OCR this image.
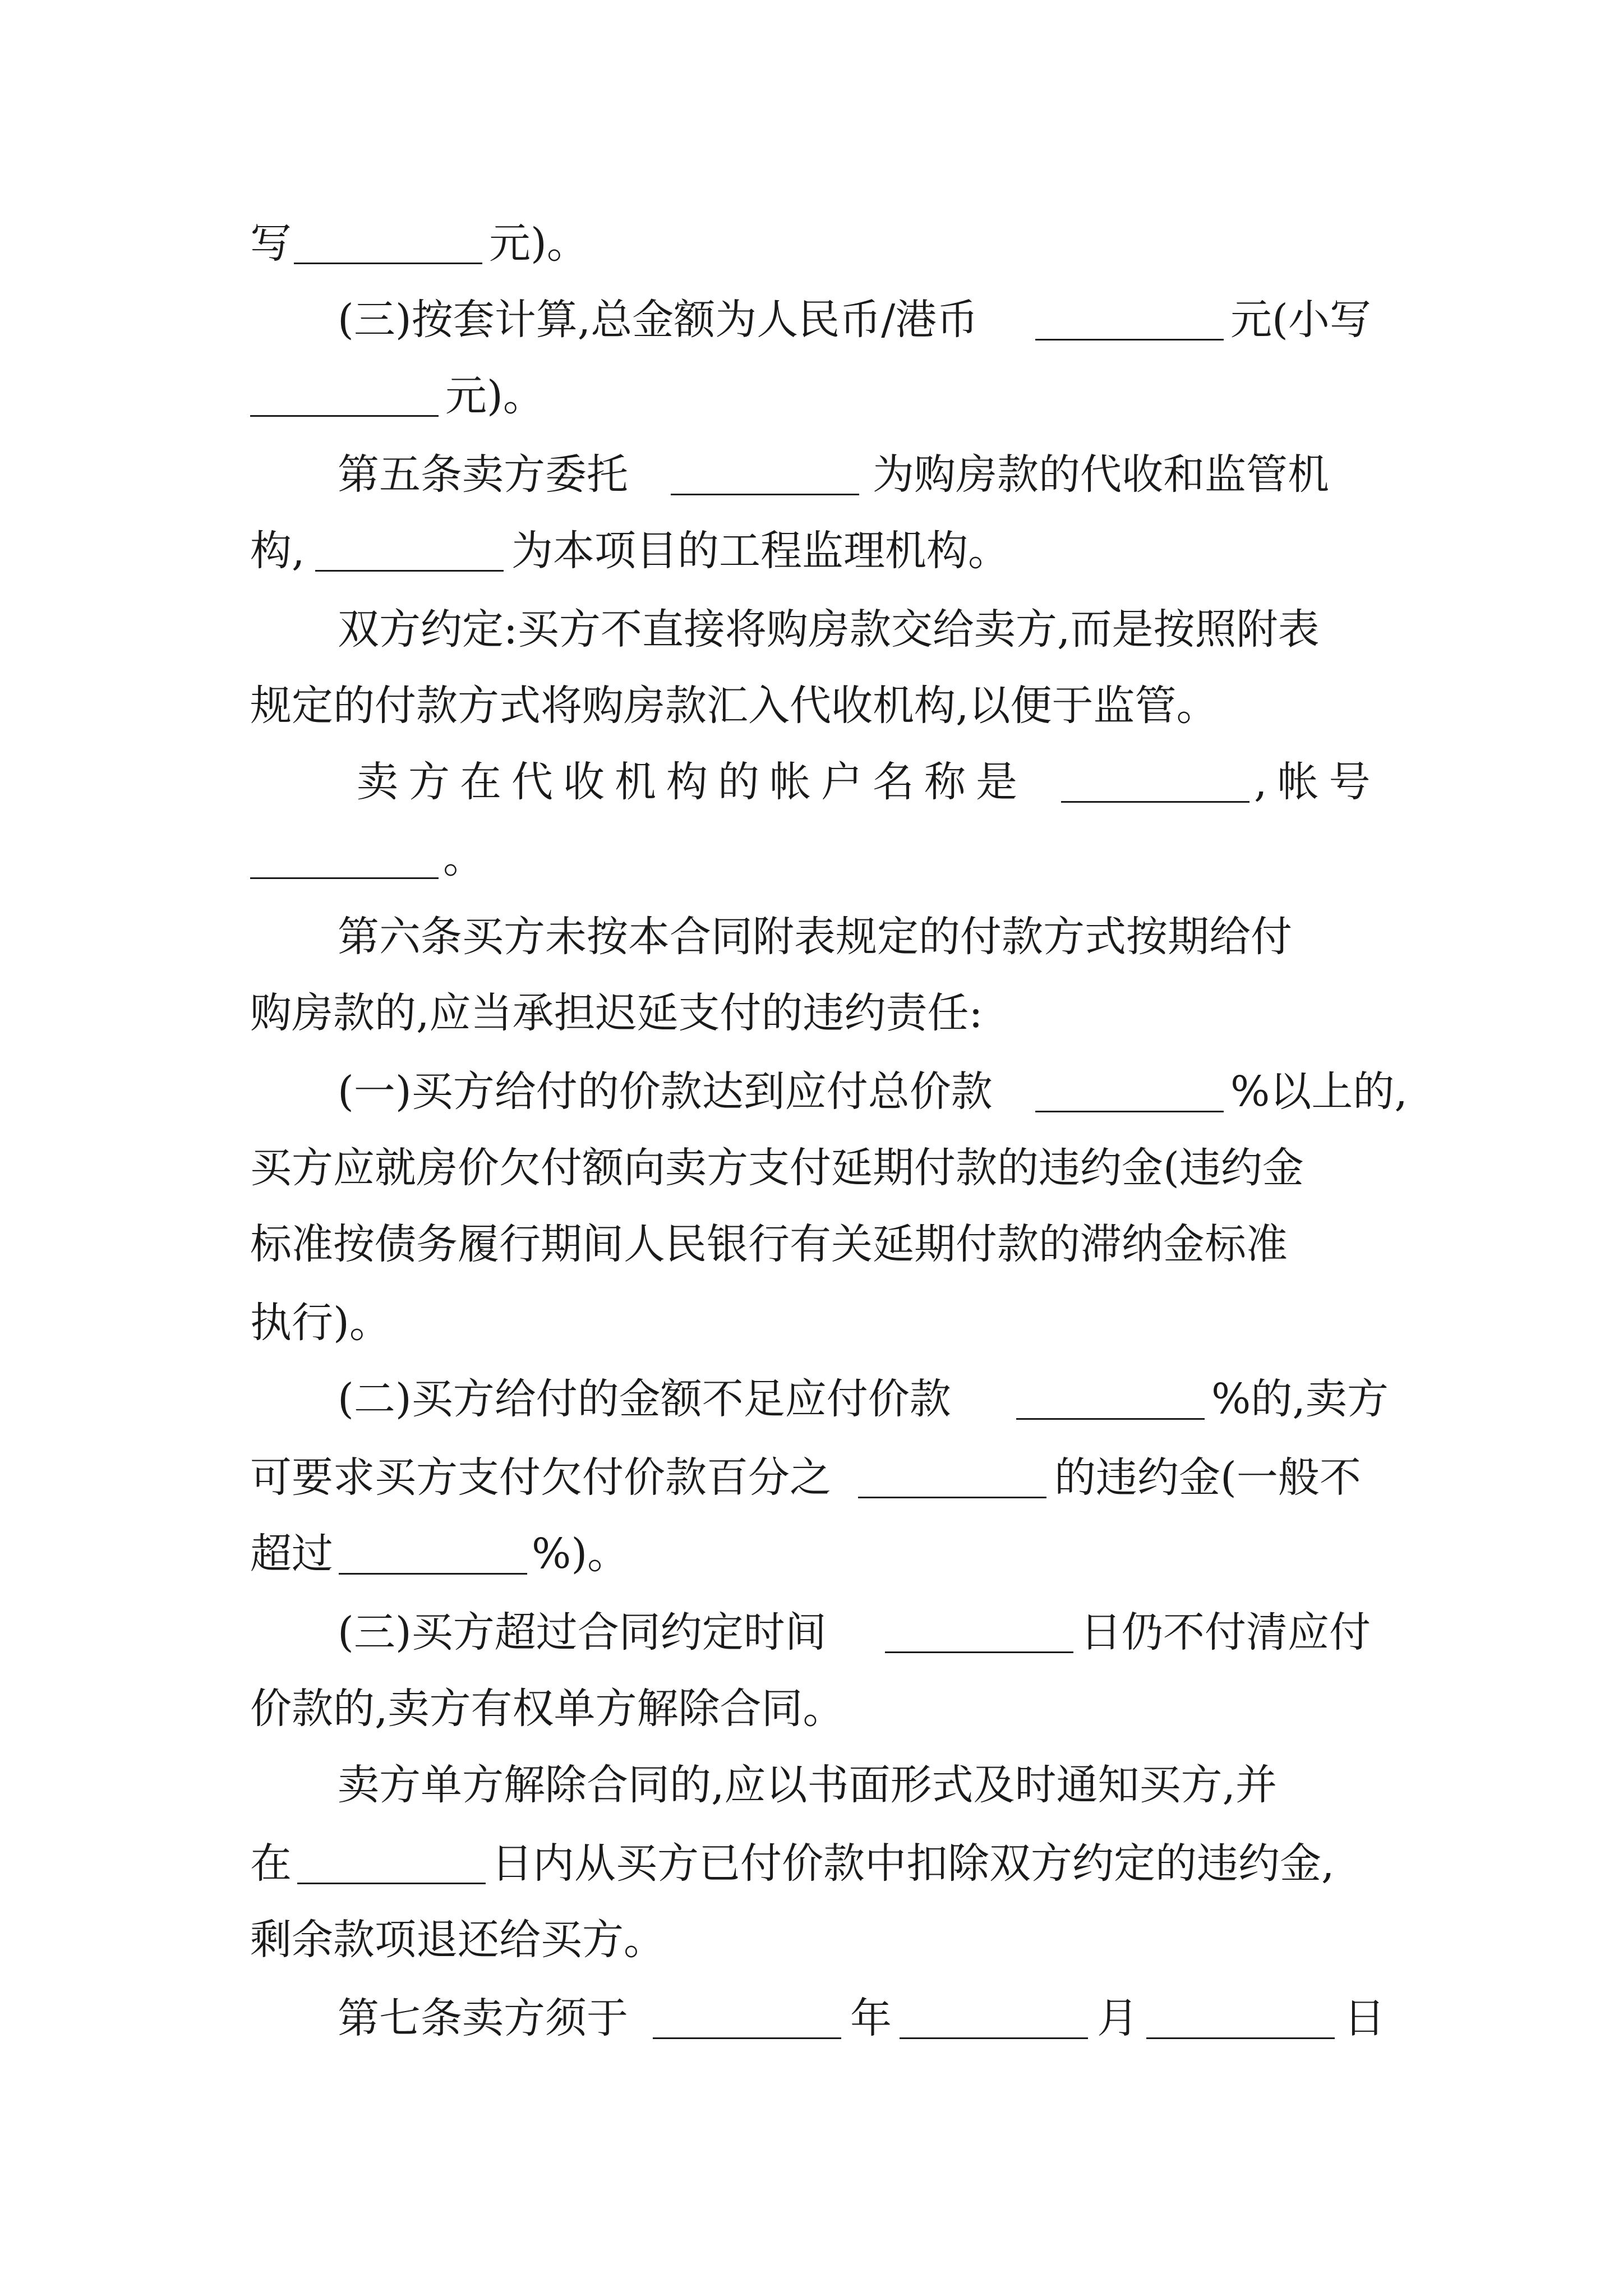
写	元)。
(三)按套计算,总金额为人民币/港币	元(小写
元)。
第五条卖方委托	为购房款的代收和监管机
构,	为本项目的工程监理机构。
双方约定:买方不直接将购房款交给卖方,而是按照附表
规定的付款方式将购房款汇入代收机构,以便于监管。
卖方在代收机构的帐户名称是	,帐号
。
第六条买方未按本合同附表规定的付款方式按期给付
购房款的,应当承担迟延支付的违约责任:
(一)买方给付的价款达到应付总价款	%以上的,
买方应就房价欠付额向卖方支付延期付款的违约金(违约金
标准按债务履行期间人民银行有关延期付款的滞纳金标准
执行)。
(二)买方给付的金额不足应付价款	%的,卖方
可要求买方支付欠付价款百分之	的违约金(一般不
超过	%)。
(三)买方超过合同约定时间	日仍不付清应付
价款的,卖方有权单方解除合同。
卖方单方解除合同的,应以书面形式及时通知买方,并
在	日内从买方已付价款中扣除双方约定的违约金,
剩余款项退还给买方。
第七条卖方须于	年	月	日
